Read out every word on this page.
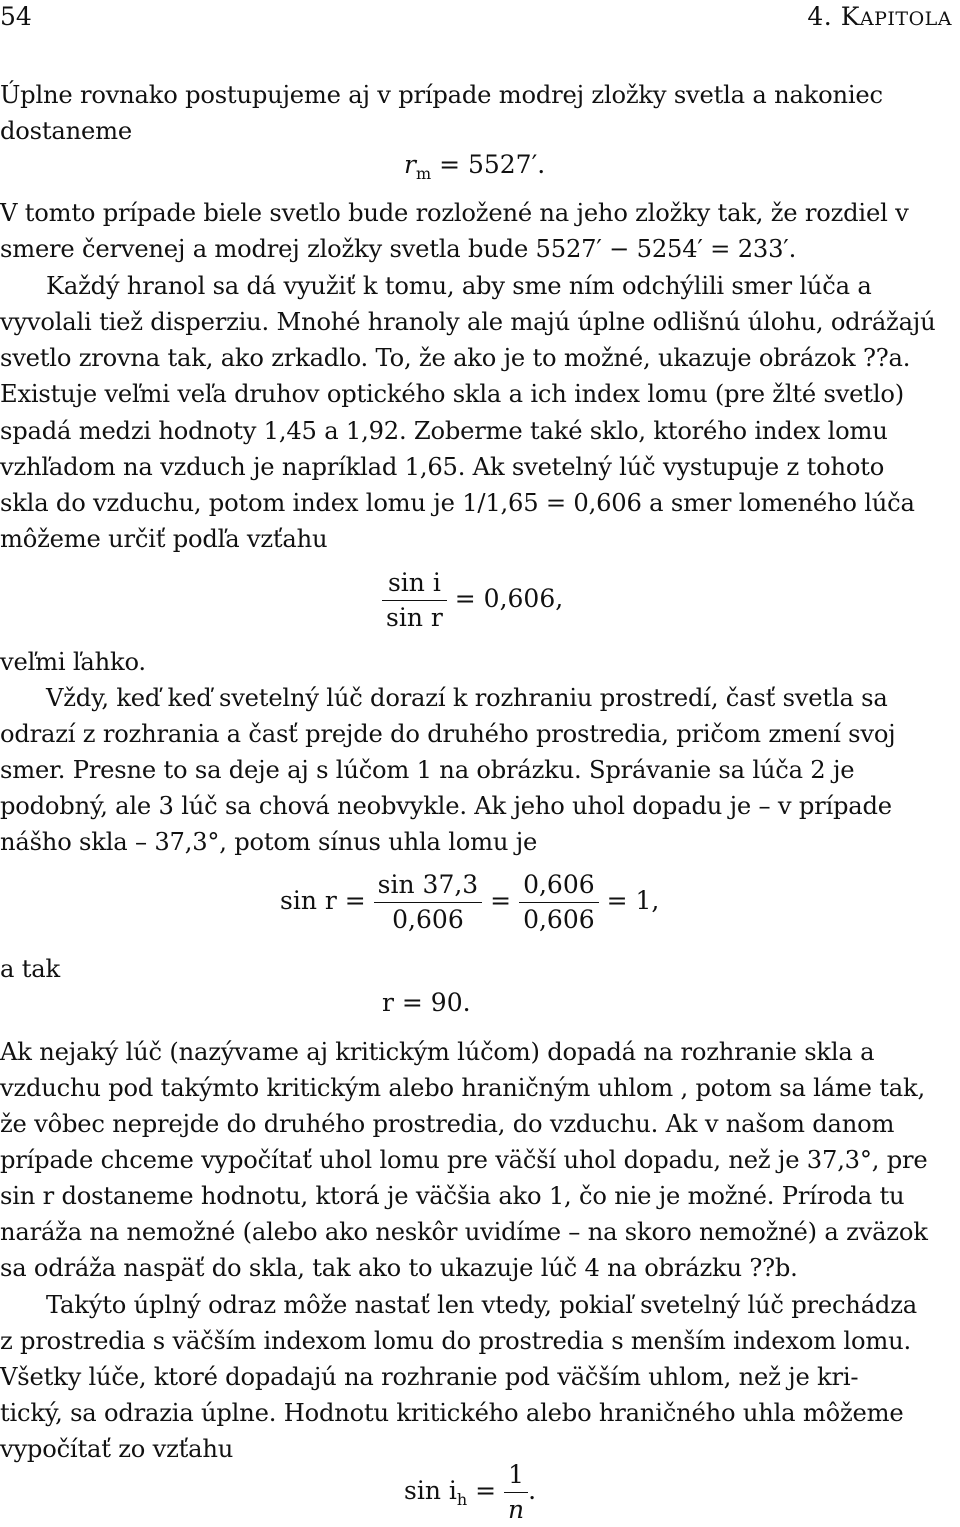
54	4. KAPITOLA
Úplne rovnako postupujeme aj v prípade modrej zložky svetla a nakoniec
dostaneme
$r_m = 5527'$.
V tomto prípade biele svetlo bude rozložené na jeho zložky tak, že rozdiel v
smere červenej a modrej zložky svetla bude 5527′ − 5254′ = 233′.
Každý hranol sa dá využiť k tomu, aby sme ním odchýlili smer lúča a
vyvolali tiež disperziu. Mnohé hranoly ale majú úplne odlišnú úlohu, odrážajú
svetlo zrovna tak, ako zrkadlo. To, že ako je to možné, ukazuje obrázok ??a.
Existuje veľmi veľa druhov optického skla a ich index lomu (pre žlté svetlo)
spadá medzi hodnoty 1,45 a 1,92. Zoberme také sklo, ktorého index lomu
vzhľadom na vzduch je napríklad 1,65. Ak svetelný lúč vystupuje z tohoto
skla do vzduchu, potom index lomu je 1/1,65 = 0,606 a smer lomeného lúča
môžeme určiť podľa vzťahu
$\frac{\text{sin i}}{\text{sin r}} = 0,606$,
veľmi ľahko.
Vždy, keď keď svetelný lúč dorazí k rozhraniu prostredí, časť svetla sa
odrazí z rozhrania a časť prejde do druhého prostredia, pričom zmení svoj
smer. Presne to sa deje aj s lúčom 1 na obrázku. Správanie sa lúča 2 je
podobný, ale 3 lúč sa chová neobvykle. Ak jeho uhol dopadu je – v prípade
nášho skla – 37,3°, potom sínus uhla lomu je
$\sin r = \frac{\sin 37,3}{0,606} = \frac{0,606}{0,606} = 1$,
a tak
r = 90.
Ak nejaký lúč (nazývame aj kritickým lúčom) dopadá na rozhranie skla a
vzduchu pod takýmto kritickým alebo hraničným uhlom , potom sa láme tak,
že vôbec neprejde do druhého prostredia, do vzduchu. Ak v našom danom
prípade chceme vypočítať uhol lomu pre väčší uhol dopadu, než je 37,3°, pre
sin r dostaneme hodnotu, ktorá je väčšia ako 1, čo nie je možné. Príroda tu
naráža na nemožné (alebo ako neskôr uvidíme – na skoro nemožné) a zväzok
sa odráža naspäť do skla, tak ako to ukazuje lúč 4 na obrázku ??b.
Takýto úplný odraz môže nastať len vtedy, pokiaľ svetelný lúč prechádza
z prostredia s väčším indexom lomu do prostredia s menším indexom lomu.
Všetky lúče, ktoré dopadajú na rozhranie pod väčším uhlom, než je kri-
tický, sa odrazia úplne. Hodnotu kritického alebo hraničného uhla môžeme
vypočítať zo vzťahu
$\sin i_h = \frac{1}{n}$ .
